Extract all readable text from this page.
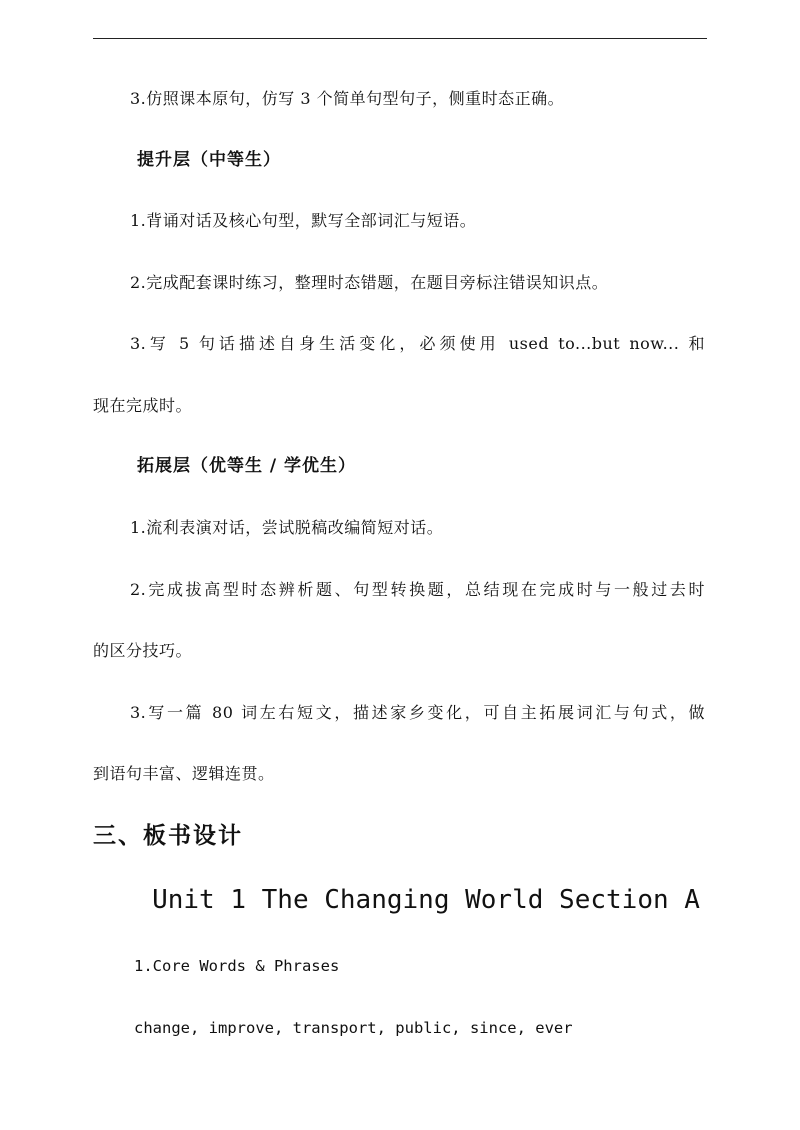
3.仿照课本原句，仿写 3 个简单句型句子，侧重时态正确。
提升层（中等生）
1.背诵对话及核心句型，默写全部词汇与短语。
2.完成配套课时练习，整理时态错题，在题目旁标注错误知识点。
3.写 5 句话描述自身生活变化，必须使用 used to...but now... 和
现在完成时。
拓展层（优等生 / 学优生）
1.流利表演对话，尝试脱稿改编简短对话。
2.完成拔高型时态辨析题、句型转换题，总结现在完成时与一般过去时
的区分技巧。
3.写一篇 80 词左右短文，描述家乡变化，可自主拓展词汇与句式，做
到语句丰富、逻辑连贯。
三、板书设计
Unit 1 The Changing World Section A
1.Core Words & Phrases
change, improve, transport, public, since, ever
